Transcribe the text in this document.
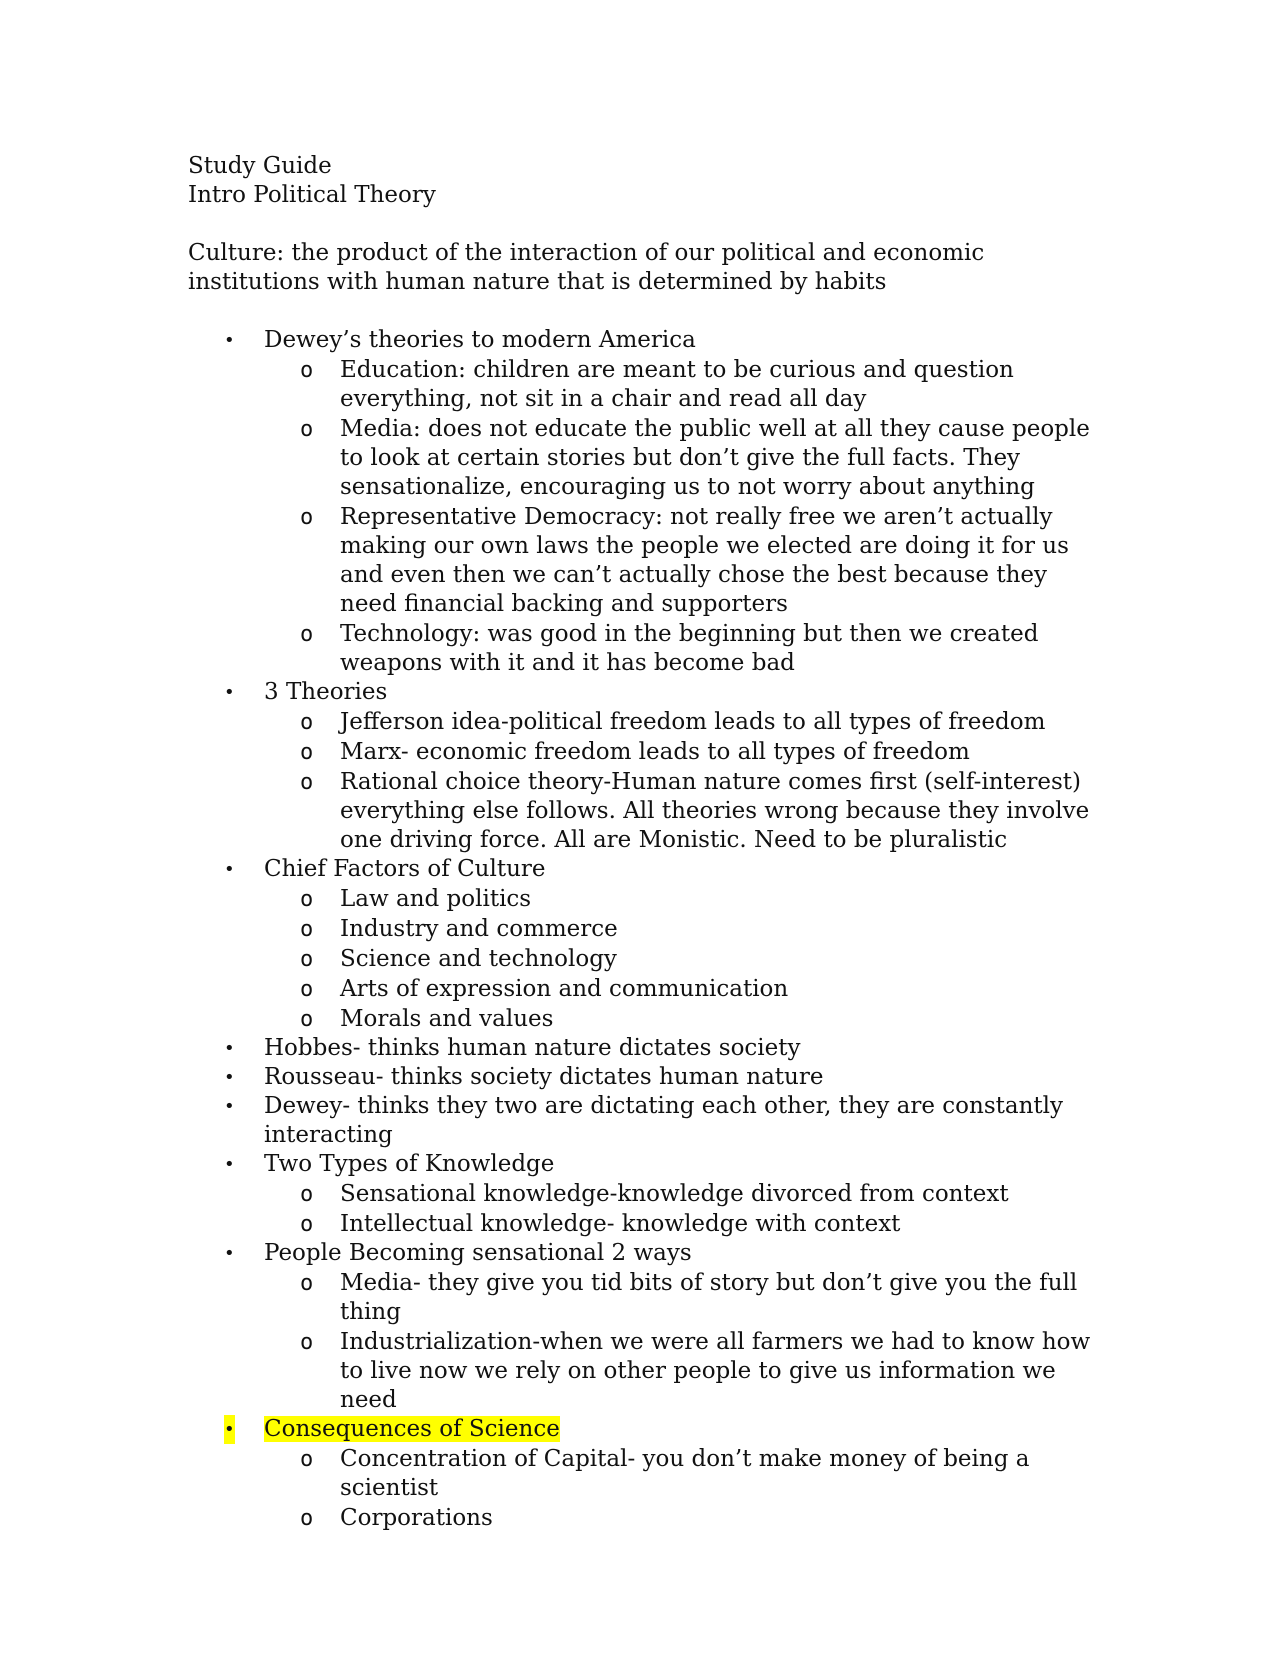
Study Guide

Intro Political Theory

Culture: the product of the interaction of our political and economic institutions with human nature that is determined by habits

• Dewey’s theories to modern America
o Education: children are meant to be curious and question everything, not sit in a chair and read all day
o Media: does not educate the public well at all they cause people to look at certain stories but don’t give the full facts. They sensationalize, encouraging us to not worry about anything
o Representative Democracy: not really free we aren’t actually making our own laws the people we elected are doing it for us and even then we can’t actually chose the best because they need financial backing and supporters
o Technology: was good in the beginning but then we created weapons with it and it has become bad
• 3 Theories
o Jefferson idea-political freedom leads to all types of freedom
o Marx- economic freedom leads to all types of freedom
o Rational choice theory-Human nature comes first (self-interest) everything else follows. All theories wrong because they involve one driving force. All are Monistic. Need to be pluralistic
• Chief Factors of Culture
o Law and politics
o Industry and commerce
o Science and technology
o Arts of expression and communication
o Morals and values
• Hobbes- thinks human nature dictates society
• Rousseau- thinks society dictates human nature
• Dewey- thinks they two are dictating each other, they are constantly interacting
• Two Types of Knowledge
o Sensational knowledge-knowledge divorced from context
o Intellectual knowledge- knowledge with context
• People Becoming sensational 2 ways
o Media- they give you tid bits of story but don’t give you the full thing
o Industrialization-when we were all farmers we had to know how to live now we rely on other people to give us information we need
• Consequences of Science
o Concentration of Capital- you don’t make money of being a scientist
o Corporations
